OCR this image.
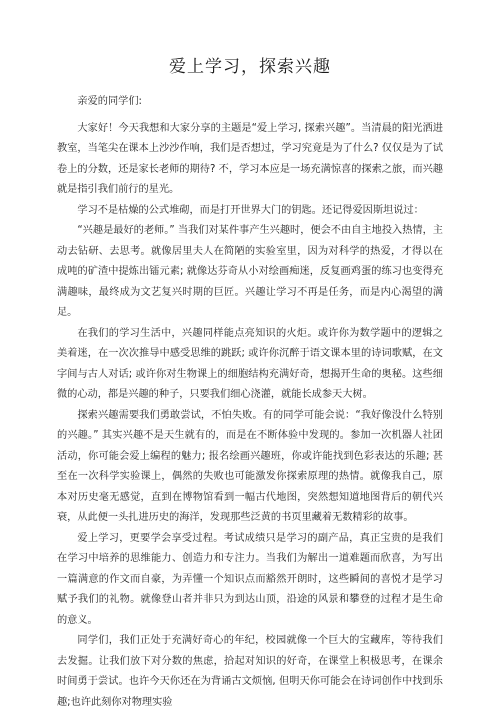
爱上学习，探索兴趣

亲爱的同学们:

大家好！今天我想和大家分享的主题是“爱上学习, 探索兴趣”。当清晨的阳光洒进教室，当笔尖在课本上沙沙作响，我们是否想过，学习究竟是为了什么? 仅仅是为了试卷上的分数，还是家长老师的期待? 不，学习本应是一场充满惊喜的探索之旅，而兴趣就是指引我们前行的星光。

学习不是枯燥的公式堆砌，而是打开世界大门的钥匙。还记得爱因斯坦说过：

“兴趣是最好的老师。” 当我们对某件事产生兴趣时，便会不由自主地投入热情，主动去钻研、去思考。就像居里夫人在简陋的实验室里，因为对科学的热爱，才得以在成吨的矿渣中提炼出镭元素; 就像达芬奇从小对绘画痴迷，反复画鸡蛋的练习也变得充满趣味，最终成为文艺复兴时期的巨匠。兴趣让学习不再是任务，而是内心渴望的满足。

在我们的学习生活中，兴趣同样能点亮知识的火炬。或许你为数学题中的逻辑之美着迷，在一次次推导中感受思维的跳跃; 或许你沉醉于语文课本里的诗词歌赋，在文字间与古人对话; 或许你对生物课上的细胞结构充满好奇，想揭开生命的奥秘。这些细微的心动，都是兴趣的种子，只要我们细心浇灌，就能长成参天大树。

探索兴趣需要我们勇敢尝试，不怕失败。有的同学可能会说：“我好像没什么特别的兴趣。” 其实兴趣不是天生就有的，而是在不断体验中发现的。参加一次机器人社团活动，你可能会爱上编程的魅力; 报名绘画兴趣班，你或许能找到色彩表达的乐趣; 甚至在一次科学实验课上，偶然的失败也可能激发你探索原理的热情。就像我自己，原本对历史毫无感觉，直到在博物馆看到一幅古代地图，突然想知道地图背后的朝代兴衰，从此便一头扎进历史的海洋，发现那些泛黄的书页里藏着无数精彩的故事。

爱上学习，更要学会享受过程。考试成绩只是学习的副产品，真正宝贵的是我们在学习中培养的思维能力、创造力和专注力。当我们为解出一道难题而欣喜，为写出一篇满意的作文而自豪，为弄懂一个知识点而豁然开朗时，这些瞬间的喜悦才是学习赋予我们的礼物。就像登山者并非只为到达山顶，沿途的风景和攀登的过程才是生命的意义。

同学们，我们正处于充满好奇心的年纪，校园就像一个巨大的宝藏库，等待我们去发掘。让我们放下对分数的焦虑，拾起对知识的好奇，在课堂上积极思考，在课余时间勇于尝试。也许今天你还在为背诵古文烦恼, 但明天你可能会在诗词创作中找到乐趣;也许此刻你对物理实验
